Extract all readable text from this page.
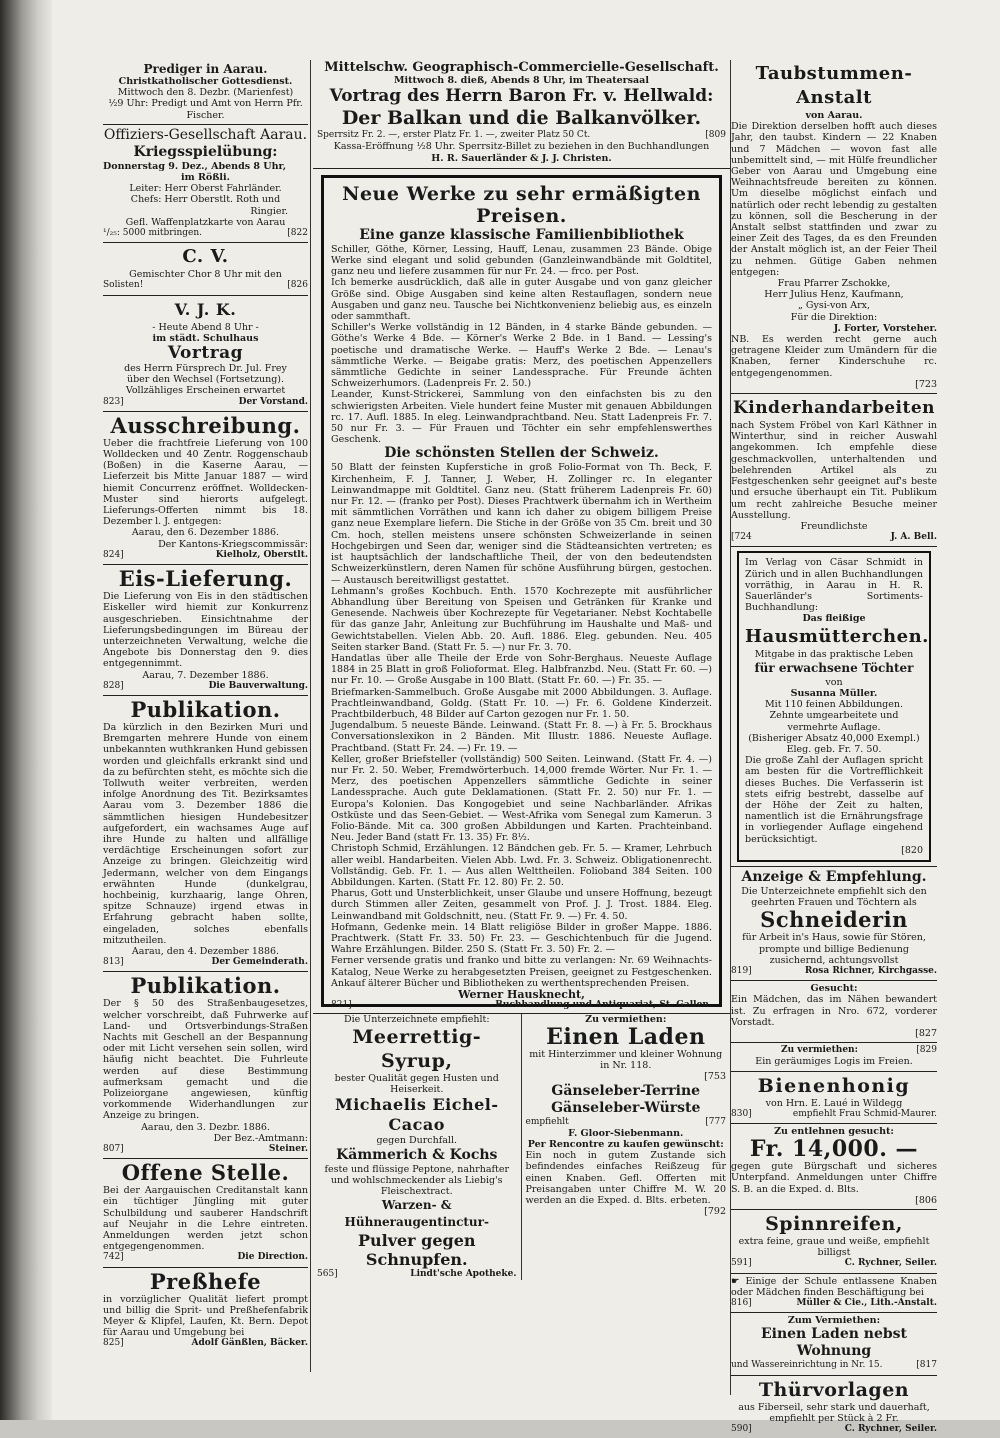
Prediger in Aarau.
Christkatholischer Gottesdienst.
Mittwoch den 8. Dezbr. (Marienfest)
½9 Uhr: Predigt und Amt von Herrn Pfr. Fischer.
Offiziers-Gesellschaft Aarau.
Kriegsspielübung:
Donnerstag 9. Dez., Abends 8 Uhr,
im Rößli.
Leiter: Herr Oberst Fahrländer.
Chefs: Herr Oberstlt. Roth und
Ringier.
Gefl. Waffenplatzkarte von Aarau
¹/₂₅: 5000 mitbringen.	[822
C. V.
Gemischter Chor 8 Uhr mit den
Solisten!	[826
V. J. K.
- Heute Abend 8 Uhr -
im städt. Schulhaus
Vortrag
des Herrn Fürsprech Dr. Jul. Frey
über den Wechsel (Fortsetzung).
Vollzähliges Erscheinen erwartet
823]	Der Vorstand.
Ausschreibung.

Ueber die frachtfreie Lieferung von 100 Wolldecken und 40 Zentr. Roggenschaub (Boßen) in die Kaserne Aarau, — Lieferzeit bis Mitte Januar 1887 — wird hiemit Concurrenz eröffnet. Wolldecken-Muster sind hierorts aufgelegt. Lieferungs-Offerten nimmt bis 18. Dezember l. J. entgegen:

Aarau, den 6. Dezember 1886.
Der Kantons-Kriegscommissär:
824]	Kielholz, Oberstlt.
Eis-Lieferung.

Die Lieferung von Eis in den städtischen Eiskeller wird hiemit zur Konkurrenz ausgeschrieben. Einsichtnahme der Lieferungsbedingungen im Büreau der unterzeichneten Verwaltung, welche die Angebote bis Donnerstag den 9. dies entgegennimmt.

Aarau, 7. Dezember 1886.
828]	Die Bauverwaltung.
Publikation.

Da kürzlich in den Bezirken Muri und Bremgarten mehrere Hunde von einem unbekannten wuthkranken Hund gebissen worden und gleichfalls erkrankt sind und da zu befürchten steht, es möchte sich die Tollwuth weiter verbreiten, werden infolge Anordnung des Tit. Bezirksamtes Aarau vom 3. Dezember 1886 die sämmtlichen hiesigen Hundebesitzer aufgefordert, ein wachsames Auge auf ihre Hunde zu halten und allfällige verdächtige Erscheinungen sofort zur Anzeige zu bringen. Gleichzeitig wird Jedermann, welcher von dem Eingangs erwähnten Hunde (dunkelgrau, hochbeinig, kurzhaarig, lange Ohren, spitze Schnauze) irgend etwas in Erfahrung gebracht haben sollte, eingeladen, solches ebenfalls mitzutheilen.

Aarau, den 4. Dezember 1886.
813]	Der Gemeinderath.
Publikation.

Der § 50 des Straßenbaugesetzes, welcher vorschreibt, daß Fuhrwerke auf Land- und Ortsverbindungs-Straßen Nachts mit Geschell an der Bespannung oder mit Licht versehen sein sollen, wird häufig nicht beachtet. Die Fuhrleute werden auf diese Bestimmung aufmerksam gemacht und die Polizeiorgane angewiesen, künftig vorkommende Widerhandlungen zur Anzeige zu bringen.

Aarau, den 3. Dezbr. 1886.
Der Bez.-Amtmann:
807]	Steiner.
Offene Stelle.

Bei der Aargauischen Creditanstalt kann ein tüchtiger Jüngling mit guter Schulbildung und sauberer Handschrift auf Neujahr in die Lehre eintreten. Anmeldungen werden jetzt schon entgegengenommen.

742]	Die Direction.
Preßhefe

in vorzüglicher Qualität liefert prompt und billig die Sprit- und Preßhefenfabrik Meyer & Klipfel, Laufen, Kt. Bern. Depot für Aarau und Umgebung bei

825]	Adolf Gänßlen, Bäcker.
Mittelschw. Geographisch-Commercielle-Gesellschaft.
Mittwoch 8. dieß, Abends 8 Uhr, im Theatersaal
Vortrag des Herrn Baron Fr. v. Hellwald:
Der Balkan und die Balkanvölker.
Sperrsitz Fr. 2. —, erster Platz Fr. 1. —, zweiter Platz 50 Ct.	[809
Kassa-Eröffnung ½8 Uhr. Sperrsitz-Billet zu beziehen in den Buchhandlungen
H. R. Sauerländer & J. J. Christen.
Neue Werke zu sehr ermäßigten Preisen.
Eine ganze klassische Familienbibliothek

Schiller, Göthe, Körner, Lessing, Hauff, Lenau, zusammen 23 Bände. Obige Werke sind elegant und solid gebunden (Ganzleinwandbände mit Goldtitel, ganz neu und liefere zusammen für nur Fr. 24. — frco. per Post.

Ich bemerke ausdrücklich, daß alle in guter Ausgabe und von ganz gleicher Größe sind. Obige Ausgaben sind keine alten Restauflagen, sondern neue Ausgaben und ganz neu. Tausche bei Nichtkonvenienz beliebig aus, es einzeln oder sammthaft.

Schiller's Werke vollständig in 12 Bänden, in 4 starke Bände gebunden. — Göthe's Werke 4 Bde. — Körner's Werke 2 Bde. in 1 Band. — Lessing's poetische und dramatische Werke. — Hauff's Werke 2 Bde. — Lenau's sämmtliche Werke. — Beigabe gratis: Merz, des poetischen Appenzellers sämmtliche Gedichte in seiner Landessprache. Für Freunde ächten Schweizerhumors. (Ladenpreis Fr. 2. 50.)

Leander, Kunst-Strickerei, Sammlung von den einfachsten bis zu den schwierigsten Arbeiten. Viele hundert feine Muster mit genauen Abbildungen rc. 17. Aufl. 1885. In eleg. Leinwandprachtband. Neu. Statt Ladenpreis Fr. 7. 50 nur Fr. 3. — Für Frauen und Töchter ein sehr empfehlenswerthes Geschenk.

Die schönsten Stellen der Schweiz.

50 Blatt der feinsten Kupferstiche in groß Folio-Format von Th. Beck, F. Kirchenheim, F. J. Tanner, J. Weber, H. Zollinger rc. In eleganter Leinwandmappe mit Goldtitel. Ganz neu. (Statt früherem Ladenpreis Fr. 60) nur Fr. 12. — (franko per Post). Dieses Prachtwerk übernahm ich in Wertheim mit sämmtlichen Vorräthen und kann ich daher zu obigem billigem Preise ganz neue Exemplare liefern. Die Stiche in der Größe von 35 Cm. breit und 30 Cm. hoch, stellen meistens unsere schönsten Schweizerlande in seinen Hochgebirgen und Seen dar, weniger sind die Städteansichten vertreten; es ist hauptsächlich der landschaftliche Theil, der von den bedeutendsten Schweizerkünstlern, deren Namen für schöne Ausführung bürgen, gestochen. — Austausch bereitwilligst gestattet.

Lehmann's großes Kochbuch. Enth. 1570 Kochrezepte mit ausführlicher Abhandlung über Bereitung von Speisen und Getränken für Kranke und Genesende. Nachweis über Kochrezepte für Vegetarianer. Nebst Kochtabelle für das ganze Jahr, Anleitung zur Buchführung im Haushalte und Maß- und Gewichtstabellen. Vielen Abb. 20. Aufl. 1886. Eleg. gebunden. Neu. 405 Seiten starker Band. (Statt Fr. 5. —) nur Fr. 3. 70.

Handatlas über alle Theile der Erde von Sohr-Berghaus. Neueste Auflage 1884 in 25 Blatt in groß Folioformat. Eleg. Halbfranzbd. Neu. (Statt Fr. 60. —) nur Fr. 10. — Große Ausgabe in 100 Blatt. (Statt Fr. 60. —) Fr. 35. —

Briefmarken-Sammelbuch. Große Ausgabe mit 2000 Abbildungen. 3. Auflage. Prachtleinwandband, Goldg. (Statt Fr. 10. —) Fr. 6. Goldene Kinderzeit. Prachtbilderbuch, 48 Bilder auf Carton gezogen nur Fr. 1. 50.

Jugendalbum. 5 neueste Bände. Leinwand. (Statt Fr. 8. —) à Fr. 5. Brockhaus Conversationslexikon in 2 Bänden. Mit Illustr. 1886. Neueste Auflage. Prachtband. (Statt Fr. 24. —) Fr. 19. —

Keller, großer Briefsteller (vollständig) 500 Seiten. Leinwand. (Statt Fr. 4. —) nur Fr. 2. 50. Weber, Fremdwörterbuch. 14,000 fremde Wörter. Nur Fr. 1. — Merz, des poetischen Appenzellers sämmtliche Gedichte in seiner Landessprache. Auch gute Deklamationen. (Statt Fr. 2. 50) nur Fr. 1. — Europa's Kolonien. Das Kongogebiet und seine Nachbarländer. Afrikas Ostküste und das Seen-Gebiet. — West-Afrika vom Senegal zum Kamerun. 3 Folio-Bände. Mit ca. 300 großen Abbildungen und Karten. Prachteinband. Neu. Jeder Band (statt Fr. 13. 35) Fr. 8½.

Christoph Schmid, Erzählungen. 12 Bändchen geb. Fr. 5. — Kramer, Lehrbuch aller weibl. Handarbeiten. Vielen Abb. Lwd. Fr. 3. Schweiz. Obligationenrecht. Vollständig. Geb. Fr. 1. — Aus allen Welttheilen. Folioband 384 Seiten. 100 Abbildungen. Karten. (Statt Fr. 12. 80) Fr. 2. 50.

Pharus, Gott und Unsterblichkeit, unser Glaube und unsere Hoffnung, bezeugt durch Stimmen aller Zeiten, gesammelt von Prof. J. J. Trost. 1884. Eleg. Leinwandband mit Goldschnitt, neu. (Statt Fr. 9. —) Fr. 4. 50.

Hofmann, Gedenke mein. 14 Blatt religiöse Bilder in großer Mappe. 1886. Prachtwerk. (Statt Fr. 33. 50) Fr. 23. — Geschichtenbuch für die Jugend. Wahre Erzählungen. Bilder. 250 S. (Statt Fr. 3. 50) Fr. 2. —

Ferner versende gratis und franko und bitte zu verlangen: Nr. 69 Weihnachts-Katalog, Neue Werke zu herabgesetzten Preisen, geeignet zu Festgeschenken. Ankauf älterer Bücher und Bibliotheken zu werthentsprechenden Preisen.

Werner Hausknecht,
821]	Buchhandlung und Antiquariat, St. Gallen.
Die Unterzeichnete empfiehlt:
Meerrettig-Syrup,
bester Qualität gegen Husten und Heiserkeit.
Michaelis Eichel-Cacao
gegen Durchfall.
Kämmerich & Kochs
feste und flüssige Peptone, nahrhafter und wohlschmeckender als Liebig's Fleischextract.
Warzen- & Hühneraugentinctur-
Pulver gegen Schnupfen.
565]	Lindt'sche Apotheke.
Zu vermiethen:
Einen Laden
mit Hinterzimmer und kleiner Wohnung in Nr. 118.
[753
Gänseleber-Terrine
Gänseleber-Würste
empfiehlt	[777
F. Gloor-Siebenmann.
Per Rencontre zu kaufen gewünscht:

Ein noch in gutem Zustande sich befindendes einfaches Reißzeug für einen Knaben. Gefl. Offerten mit Preisangaben unter Chiffre M. W. 20 werden an die Exped. d. Blts. erbeten.

[792
Taubstummen-Anstalt
von Aarau.

Die Direktion derselben hofft auch dieses Jahr, den taubst. Kindern — 22 Knaben und 7 Mädchen — wovon fast alle unbemittelt sind, — mit Hülfe freundlicher Geber von Aarau und Umgebung eine Weihnachtsfreude bereiten zu können. Um dieselbe möglichst einfach und natürlich oder recht lebendig zu gestalten zu können, soll die Bescherung in der Anstalt selbst stattfinden und zwar zu einer Zeit des Tages, da es den Freunden der Anstalt möglich ist, an der Feier Theil zu nehmen. Gütige Gaben nehmen entgegen:

Frau Pfarrer Zschokke,
Herr Julius Henz, Kaufmann,
„ Gysi-von Arx,
Für die Direktion:
J. Forter, Vorsteher.

NB. Es werden recht gerne auch getragene Kleider zum Umändern für die Knaben, ferner Kinderschuhe rc. entgegengenommen.

[723
Kinderhandarbeiten

nach System Fröbel von Karl Käthner in Winterthur, sind in reicher Auswahl angekommen. Ich empfehle diese geschmackvollen, unterhaltenden und belehrenden Artikel als zu Festgeschenken sehr geeignet auf's beste und ersuche überhaupt ein Tit. Publikum um recht zahlreiche Besuche meiner Ausstellung.

Freundlichste
[724	J. A. Bell.

Im Verlag von Cäsar Schmidt in Zürich und in allen Buchhandlungen vorräthig, in Aarau in H. R. Sauerländer's Sortiments-Buchhandlung:

Das fleißige
Hausmütterchen.
Mitgabe in das praktische Leben
für erwachsene Töchter
von
Susanna Müller.
Mit 110 feinen Abbildungen.
Zehnte umgearbeitete und vermehrte Auflage.
(Bisheriger Absatz 40,000 Exempl.)
Eleg. geb. Fr. 7. 50.

Die große Zahl der Auflagen spricht am besten für die Vortrefflichkeit dieses Buches. Die Verfasserin ist stets eifrig bestrebt, dasselbe auf der Höhe der Zeit zu halten, namentlich ist die Ernährungsfrage in vorliegender Auflage eingehend berücksichtigt.

[820
Anzeige & Empfehlung.
Die Unterzeichnete empfiehlt sich den geehrten Frauen und Töchtern als
Schneiderin
für Arbeit in's Haus, sowie für Stören, prompte und billige Bedienung zusichernd, achtungsvollst
819]	Rosa Richner, Kirchgasse.
Gesucht:

Ein Mädchen, das im Nähen bewandert ist. Zu erfragen in Nro. 672, vorderer Vorstadt.

[827
Zu vermiethen:	[829
Ein geräumiges Logis im Freien.
Bienenhonig
von Hrn. E. Laué in Wildegg
830]	empfiehlt Frau Schmid-Maurer.
Zu entlehnen gesucht:
Fr. 14,000. —

gegen gute Bürgschaft und sicheres Unterpfand. Anmeldungen unter Chiffre S. B. an die Exped. d. Blts.

[806
Spinnreifen,
extra feine, graue und weiße, empfiehlt billigst
591]	C. Rychner, Seiler.

☛ Einige der Schule entlassene Knaben oder Mädchen finden Beschäftigung bei

816]	Müller & Cie., Lith.-Anstalt.
Zum Vermiethen:
Einen Laden nebst Wohnung
und Wassereinrichtung in Nr. 15.	[817
Thürvorlagen
aus Fiberseil, sehr stark und dauerhaft, empfiehlt per Stück à 2 Fr.
590]	C. Rychner, Seiler.
